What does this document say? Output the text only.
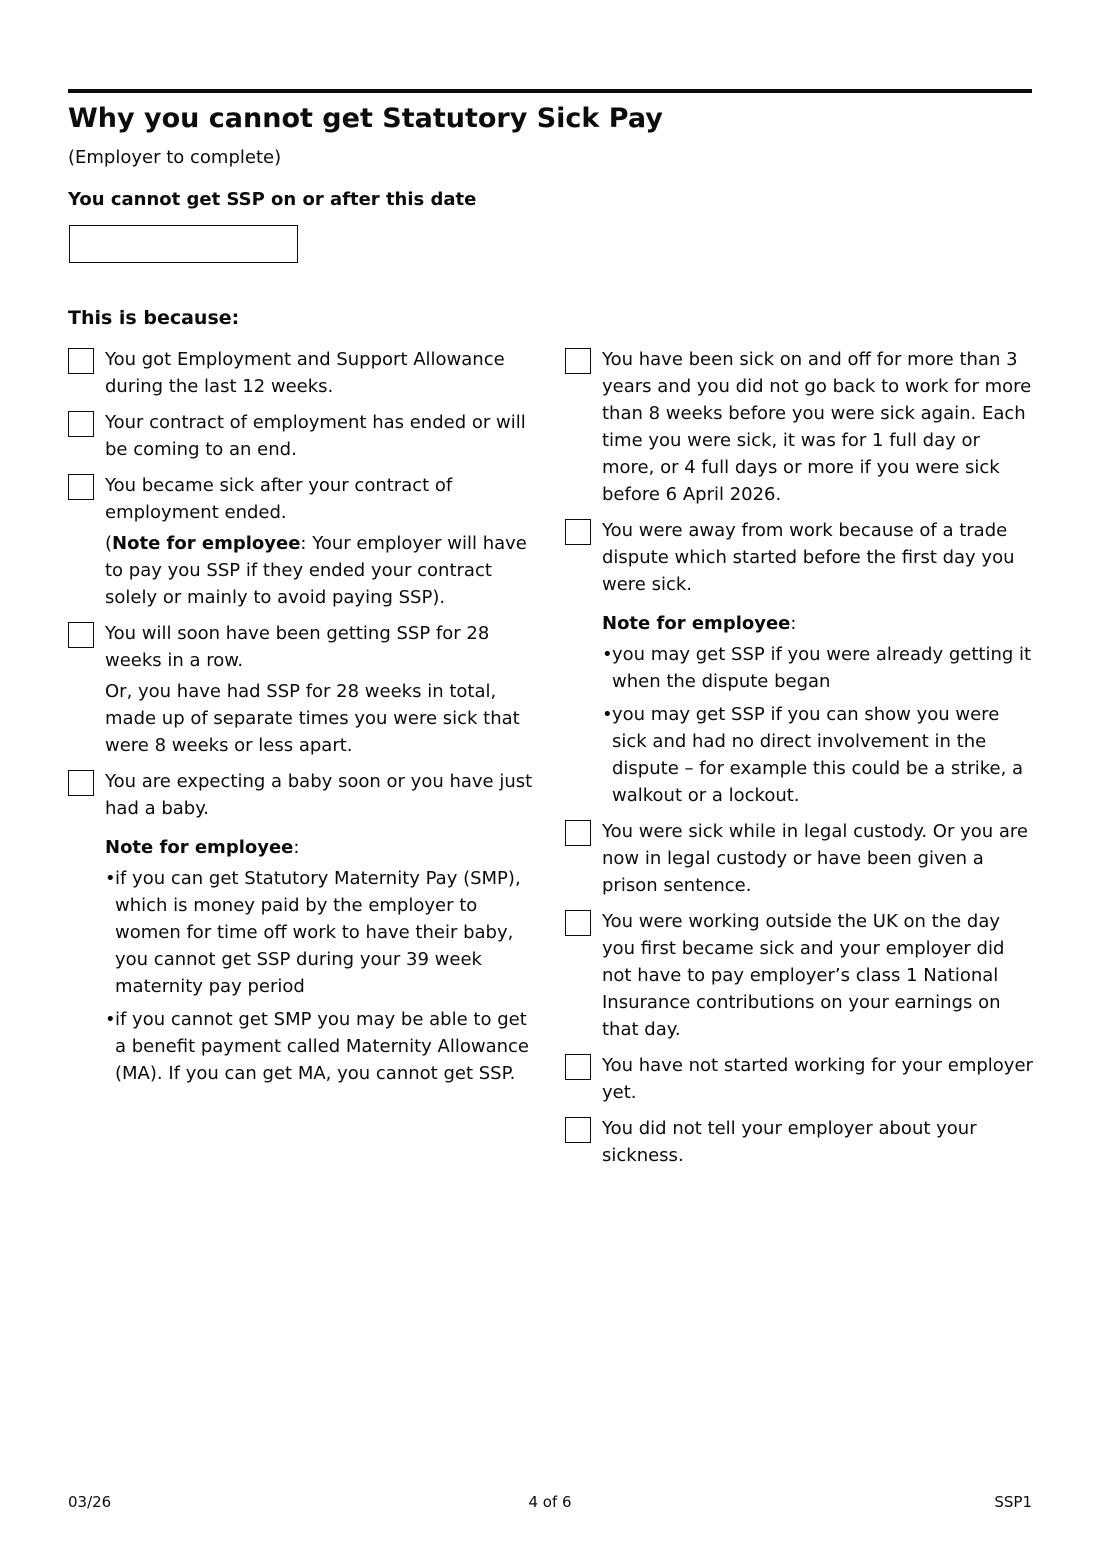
Why you cannot get Statutory Sick Pay

(Employer to complete)

You cannot get SSP on or after this date

This is because:

You got Employment and Support Allowance during the last 12 weeks.

Your contract of employment has ended or will be coming to an end.

You became sick after your contract of employment ended.

(Note for employee: Your employer will have to pay you SSP if they ended your contract solely or mainly to avoid paying SSP).

You will soon have been getting SSP for 28 weeks in a row.

Or, you have had SSP for 28 weeks in total, made up of separate times you were sick that were 8 weeks or less apart.

You are expecting a baby soon or you have just had a baby.

Note for employee:

• if you can get Statutory Maternity Pay (SMP), which is money paid by the employer to women for time off work to have their baby, you cannot get SSP during your 39 week maternity pay period
• if you cannot get SMP you may be able to get a benefit payment called Maternity Allowance (MA). If you can get MA, you cannot get SSP.

You have been sick on and off for more than 3 years and you did not go back to work for more than 8 weeks before you were sick again. Each time you were sick, it was for 1 full day or more, or 4 full days or more if you were sick before 6 April 2026.

You were away from work because of a trade dispute which started before the first day you were sick.

Note for employee:

• you may get SSP if you were already getting it when the dispute began
• you may get SSP if you can show you were sick and had no direct involvement in the dispute – for example this could be a strike, a walkout or a lockout.

You were sick while in legal custody. Or you are now in legal custody or have been given a prison sentence.

You were working outside the UK on the day you first became sick and your employer did not have to pay employer’s class 1 National Insurance contributions on your earnings on that day.

You have not started working for your employer yet.

You did not tell your employer about your sickness.

03/26	4 of 6	SSP1
